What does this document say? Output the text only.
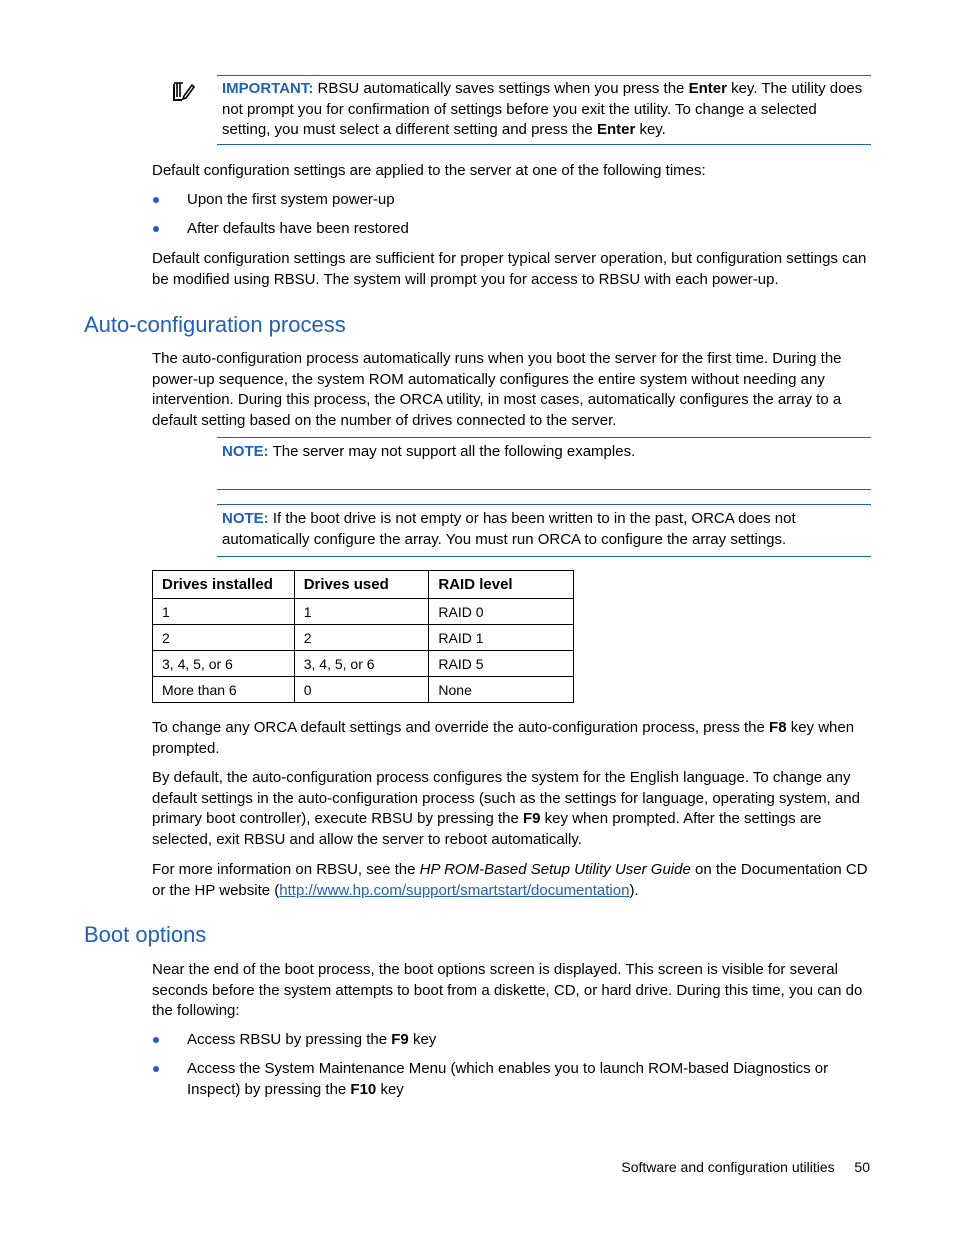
IMPORTANT: RBSU automatically saves settings when you press the Enter key. The utility does not prompt you for confirmation of settings before you exit the utility. To change a selected setting, you must select a different setting and press the Enter key.

Default configuration settings are applied to the server at one of the following times:

Upon the first system power-up

After defaults have been restored

Default configuration settings are sufficient for proper typical server operation, but configuration settings can be modified using RBSU. The system will prompt you for access to RBSU with each power-up.

Auto-configuration process

The auto-configuration process automatically runs when you boot the server for the first time. During the power-up sequence, the system ROM automatically configures the entire system without needing any intervention. During this process, the ORCA utility, in most cases, automatically configures the array to a default setting based on the number of drives connected to the server.

NOTE: The server may not support all the following examples.

NOTE: If the boot drive is not empty or has been written to in the past, ORCA does not automatically configure the array. You must run ORCA to configure the array settings.

Drives installed	Drives used	RAID level
1	1	RAID 0
2	2	RAID 1
3, 4, 5, or 6	3, 4, 5, or 6	RAID 5
More than 6	0	None

To change any ORCA default settings and override the auto-configuration process, press the F8 key when prompted.

By default, the auto-configuration process configures the system for the English language. To change any default settings in the auto-configuration process (such as the settings for language, operating system, and primary boot controller), execute RBSU by pressing the F9 key when prompted. After the settings are selected, exit RBSU and allow the server to reboot automatically.

For more information on RBSU, see the HP ROM-Based Setup Utility User Guide on the Documentation CD or the HP website (http://www.hp.com/support/smartstart/documentation).

Boot options

Near the end of the boot process, the boot options screen is displayed. This screen is visible for several seconds before the system attempts to boot from a diskette, CD, or hard drive. During this time, you can do the following:

Access RBSU by pressing the F9 key

Access the System Maintenance Menu (which enables you to launch ROM-based Diagnostics or Inspect) by pressing the F10 key

Software and configuration utilities 50
